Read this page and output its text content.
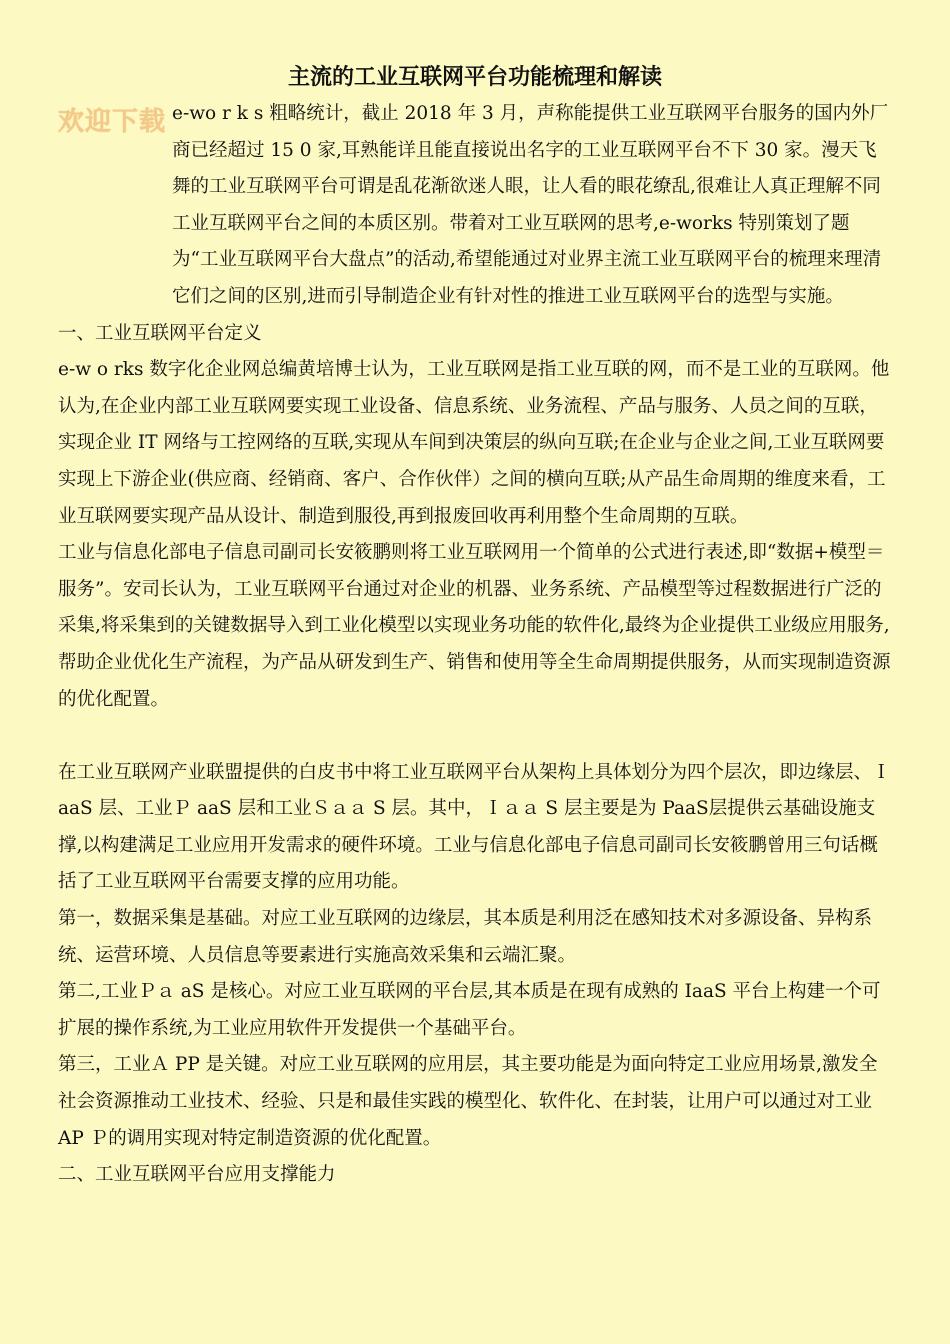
欢迎下载
主流的工业互联网平台功能梳理和解读

e-wo r k s 粗略统计，截止 2018 年 3 月，声称能提供工业互联网平台服务的国内外厂商已经超过 15 0 家,耳熟能详且能直接说出名字的工业互联网平台不下 30 家。漫天飞舞的工业互联网平台可谓是乱花渐欲迷人眼，让人看的眼花缭乱,很难让人真正理解不同工业互联网平台之间的本质区别。带着对工业互联网的思考,e-works 特别策划了题为“工业互联网平台大盘点”的活动,希望能通过对业界主流工业互联网平台的梳理来理清它们之间的区别,进而引导制造企业有针对性的推进工业互联网平台的选型与实施。

一、工业互联网平台定义

e-w o rks 数字化企业网总编黄培博士认为，工业互联网是指工业互联的网，而不是工业的互联网。他认为,在企业内部工业互联网要实现工业设备、信息系统、业务流程、产品与服务、人员之间的互联，实现企业 IT 网络与工控网络的互联,实现从车间到决策层的纵向互联;在企业与企业之间,工业互联网要实现上下游企业(供应商、经销商、客户、合作伙伴）之间的横向互联;从产品生命周期的维度来看，工业互联网要实现产品从设计、制造到服役,再到报废回收再利用整个生命周期的互联。

工业与信息化部电子信息司副司长安筱鹏则将工业互联网用一个简单的公式进行表述,即“数据+模型＝服务”。安司长认为，工业互联网平台通过对企业的机器、业务系统、产品模型等过程数据进行广泛的采集,将采集到的关键数据导入到工业化模型以实现业务功能的软件化,最终为企业提供工业级应用服务,帮助企业优化生产流程，为产品从研发到生产、销售和使用等全生命周期提供服务，从而实现制造资源的优化配置。

在工业互联网产业联盟提供的白皮书中将工业互联网平台从架构上具体划分为四个层次，即边缘层、Ｉ aaS 层、工业Ｐ aaS 层和工业Ｓａａ S 层。其中，Ｉａａ S 层主要是为 PaaS层提供云基础设施支撑,以构建满足工业应用开发需求的硬件环境。工业与信息化部电子信息司副司长安筱鹏曾用三句话概括了工业互联网平台需要支撑的应用功能。

第一，数据采集是基础。对应工业互联网的边缘层，其本质是利用泛在感知技术对多源设备、异构系统、运营环境、人员信息等要素进行实施高效采集和云端汇聚。

第二,工业Ｐａ aS 是核心。对应工业互联网的平台层,其本质是在现有成熟的 IaaS 平台上构建一个可扩展的操作系统,为工业应用软件开发提供一个基础平台。

第三，工业Ａ PP 是关键。对应工业互联网的应用层，其主要功能是为面向特定工业应用场景,激发全社会资源推动工业技术、经验、只是和最佳实践的模型化、软件化、在封装，让用户可以通过对工业 AP Ｐ的调用实现对特定制造资源的优化配置。

二、工业互联网平台应用支撑能力
